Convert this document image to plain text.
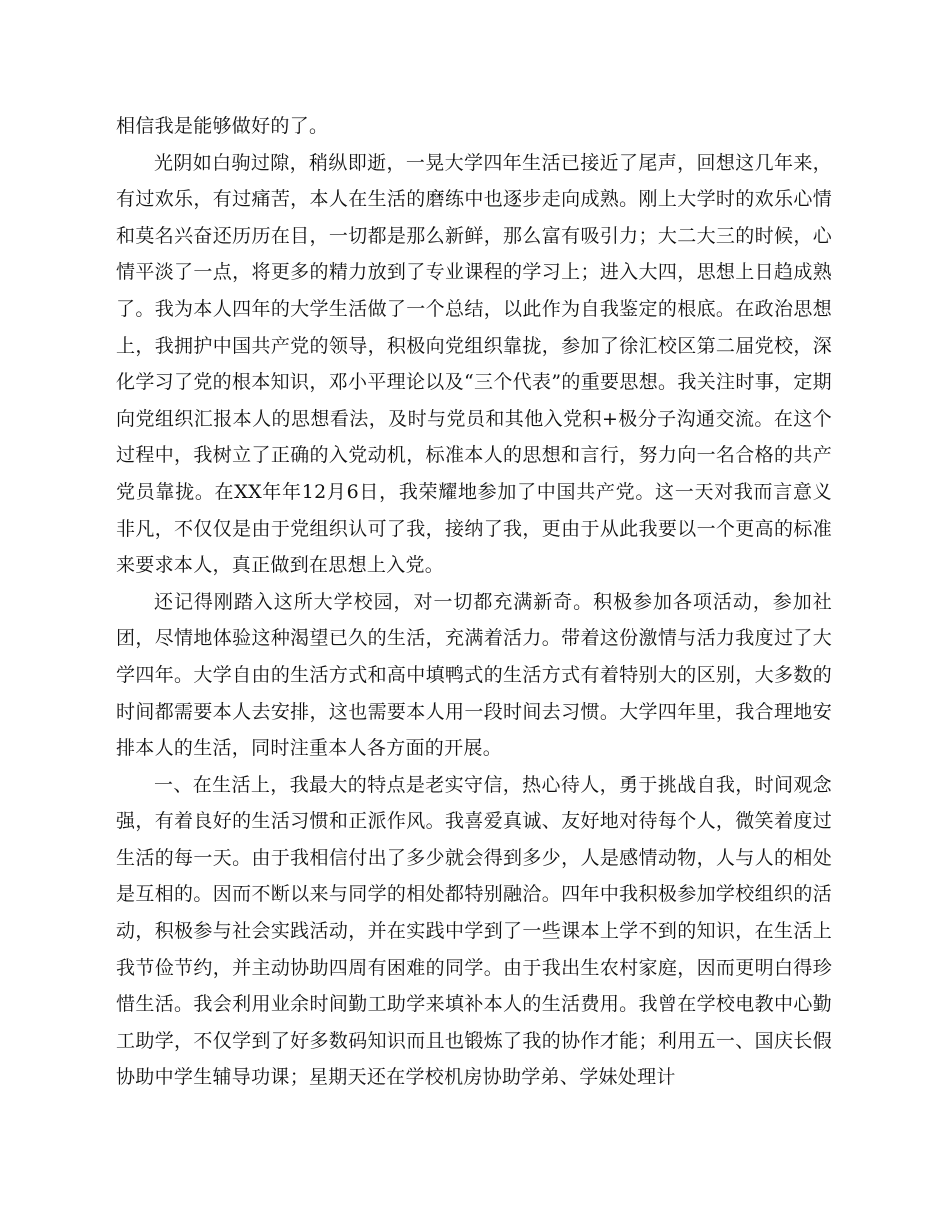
相信我是能够做好的了。

光阴如白驹过隙，稍纵即逝，一晃大学四年生活已接近了尾声，回想这几年来，有过欢乐，有过痛苦，本人在生活的磨练中也逐步走向成熟。刚上大学时的欢乐心情和莫名兴奋还历历在目，一切都是那么新鲜，那么富有吸引力；大二大三的时候，心情平淡了一点，将更多的精力放到了专业课程的学习上；进入大四，思想上日趋成熟了。我为本人四年的大学生活做了一个总结，以此作为自我鉴定的根底。在政治思想上，我拥护中国共产党的领导，积极向党组织靠拢，参加了徐汇校区第二届党校，深化学习了党的根本知识，邓小平理论以及“三个代表”的重要思想。我关注时事，定期向党组织汇报本人的思想看法，及时与党员和其他入党积+极分子沟通交流。在这个过程中，我树立了正确的入党动机，标准本人的思想和言行，努力向一名合格的共产党员靠拢。在XX年年12月6日，我荣耀地参加了中国共产党。这一天对我而言意义非凡，不仅仅是由于党组织认可了我，接纳了我，更由于从此我要以一个更高的标准来要求本人，真正做到在思想上入党。

还记得刚踏入这所大学校园，对一切都充满新奇。积极参加各项活动，参加社团，尽情地体验这种渴望已久的生活，充满着活力。带着这份激情与活力我度过了大学四年。大学自由的生活方式和高中填鸭式的生活方式有着特别大的区别，大多数的时间都需要本人去安排，这也需要本人用一段时间去习惯。大学四年里，我合理地安排本人的生活，同时注重本人各方面的开展。

一、在生活上，我最大的特点是老实守信，热心待人，勇于挑战自我，时间观念强，有着良好的生活习惯和正派作风。我喜爱真诚、友好地对待每个人，微笑着度过生活的每一天。由于我相信付出了多少就会得到多少，人是感情动物，人与人的相处是互相的。因而不断以来与同学的相处都特别融洽。四年中我积极参加学校组织的活动，积极参与社会实践活动，并在实践中学到了一些课本上学不到的知识，在生活上我节俭节约，并主动协助四周有困难的同学。由于我出生农村家庭，因而更明白得珍惜生活。我会利用业余时间勤工助学来填补本人的生活费用。我曾在学校电教中心勤工助学，不仅学到了好多数码知识而且也锻炼了我的协作才能；利用五一、国庆长假协助中学生辅导功课；星期天还在学校机房协助学弟、学妹处理计
